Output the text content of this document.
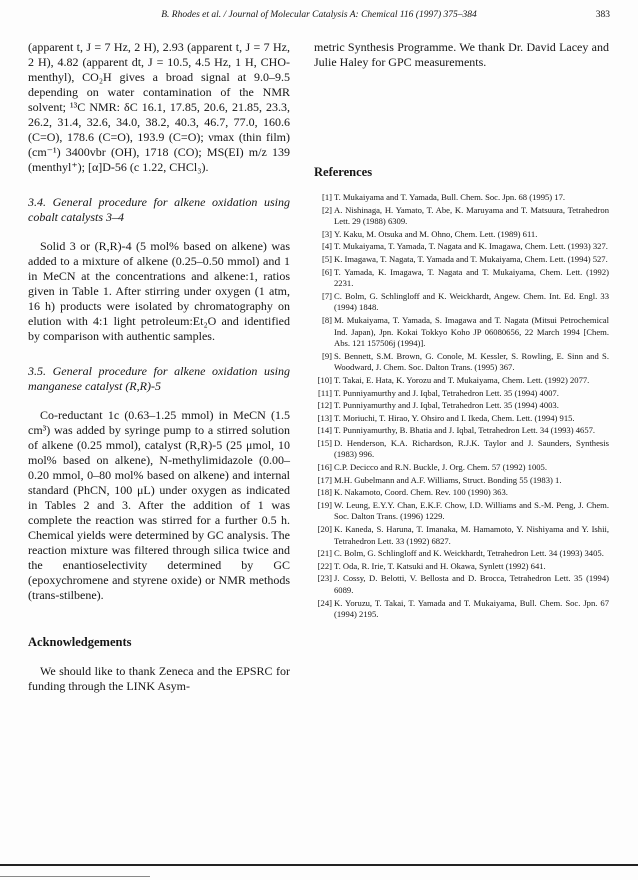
B. Rhodes et al. / Journal of Molecular Catalysis A: Chemical 116 (1997) 375–384	383

(apparent t, J = 7 Hz, 2 H), 2.93 (apparent t, J = 7 Hz, 2 H), 4.82 (apparent dt, J = 10.5, 4.5 Hz, 1 H, CHO-menthyl), CO₂H gives a broad signal at 9.0–9.5 depending on water contamination of the NMR solvent; ¹³C NMR: δC 16.1, 17.85, 20.6, 21.85, 23.3, 26.2, 31.4, 32.6, 34.0, 38.2, 40.3, 46.7, 77.0, 160.6 (C=O), 178.6 (C=O), 193.9 (C=O); νmax (thin film) (cm⁻¹) 3400vbr (OH), 1718 (CO); MS(EI) m/z 139 (menthyl⁺); [α]D-56 (c 1.22, CHCl₃).

3.4. General procedure for alkene oxidation using cobalt catalysts 3–4

Solid 3 or (R,R)-4 (5 mol% based on alkene) was added to a mixture of alkene (0.25–0.50 mmol) and 1 in MeCN at the concentrations and alkene:1, ratios given in Table 1. After stirring under oxygen (1 atm, 16 h) products were isolated by chromatography on elution with 4:1 light petroleum:Et₂O and identified by comparison with authentic samples.

3.5. General procedure for alkene oxidation using manganese catalyst (R,R)-5

Co-reductant 1c (0.63–1.25 mmol) in MeCN (1.5 cm³) was added by syringe pump to a stirred solution of alkene (0.25 mmol), catalyst (R,R)-5 (25 μmol, 10 mol% based on alkene), N-methylimidazole (0.00–0.20 mmol, 0–80 mol% based on alkene) and internal standard (PhCN, 100 μL) under oxygen as indicated in Tables 2 and 3. After the addition of 1 was complete the reaction was stirred for a further 0.5 h. Chemical yields were determined by GC analysis. The reaction mixture was filtered through silica twice and the enantioselectivity determined by GC (epoxychromene and styrene oxide) or NMR methods (trans-stilbene).

Acknowledgements

We should like to thank Zeneca and the EPSRC for funding through the LINK Asym-

metric Synthesis Programme. We thank Dr. David Lacey and Julie Haley for GPC measurements.

References

[1] T. Mukaiyama and T. Yamada, Bull. Chem. Soc. Jpn. 68 (1995) 17.
[2] A. Nishinaga, H. Yamato, T. Abe, K. Maruyama and T. Matsuura, Tetrahedron Lett. 29 (1988) 6309.
[3] Y. Kaku, M. Otsuka and M. Ohno, Chem. Lett. (1989) 611.
[4] T. Mukaiyama, T. Yamada, T. Nagata and K. Imagawa, Chem. Lett. (1993) 327.
[5] K. Imagawa, T. Nagata, T. Yamada and T. Mukaiyama, Chem. Lett. (1994) 527.
[6] T. Yamada, K. Imagawa, T. Nagata and T. Mukaiyama, Chem. Lett. (1992) 2231.
[7] C. Bolm, G. Schlingloff and K. Weickhardt, Angew. Chem. Int. Ed. Engl. 33 (1994) 1848.
[8] M. Mukaiyama, T. Yamada, S. Imagawa and T. Nagata (Mitsui Petrochemical Ind. Japan), Jpn. Kokai Tokkyo Koho JP 06080656, 22 March 1994 [Chem. Abs. 121 157506j (1994)].
[9] S. Bennett, S.M. Brown, G. Conole, M. Kessler, S. Rowling, E. Sinn and S. Woodward, J. Chem. Soc. Dalton Trans. (1995) 367.
[10] T. Takai, E. Hata, K. Yorozu and T. Mukaiyama, Chem. Lett. (1992) 2077.
[11] T. Punniyamurthy and J. Iqbal, Tetrahedron Lett. 35 (1994) 4007.
[12] T. Punniyamurthy and J. Iqbal, Tetrahedron Lett. 35 (1994) 4003.
[13] T. Moriuchi, T. Hirao, Y. Ohsiro and I. Ikeda, Chem. Lett. (1994) 915.
[14] T. Punniyamurthy, B. Bhatia and J. Iqbal, Tetrahedron Lett. 34 (1993) 4657.
[15] D. Henderson, K.A. Richardson, R.J.K. Taylor and J. Saunders, Synthesis (1983) 996.
[16] C.P. Decicco and R.N. Buckle, J. Org. Chem. 57 (1992) 1005.
[17] M.H. Gubelmann and A.F. Williams, Struct. Bonding 55 (1983) 1.
[18] K. Nakamoto, Coord. Chem. Rev. 100 (1990) 363.
[19] W. Leung, E.Y.Y. Chan, E.K.F. Chow, I.D. Williams and S.-M. Peng, J. Chem. Soc. Dalton Trans. (1996) 1229.
[20] K. Kaneda, S. Haruna, T. Imanaka, M. Hamamoto, Y. Nishiyama and Y. Ishii, Tetrahedron Lett. 33 (1992) 6827.
[21] C. Bolm, G. Schlingloff and K. Weickhardt, Tetrahedron Lett. 34 (1993) 3405.
[22] T. Oda, R. Irie, T. Katsuki and H. Okawa, Synlett (1992) 641.
[23] J. Cossy, D. Belotti, V. Bellosta and D. Brocca, Tetrahedron Lett. 35 (1994) 6089.
[24] K. Yoruzu, T. Takai, T. Yamada and T. Mukaiyama, Bull. Chem. Soc. Jpn. 67 (1994) 2195.
